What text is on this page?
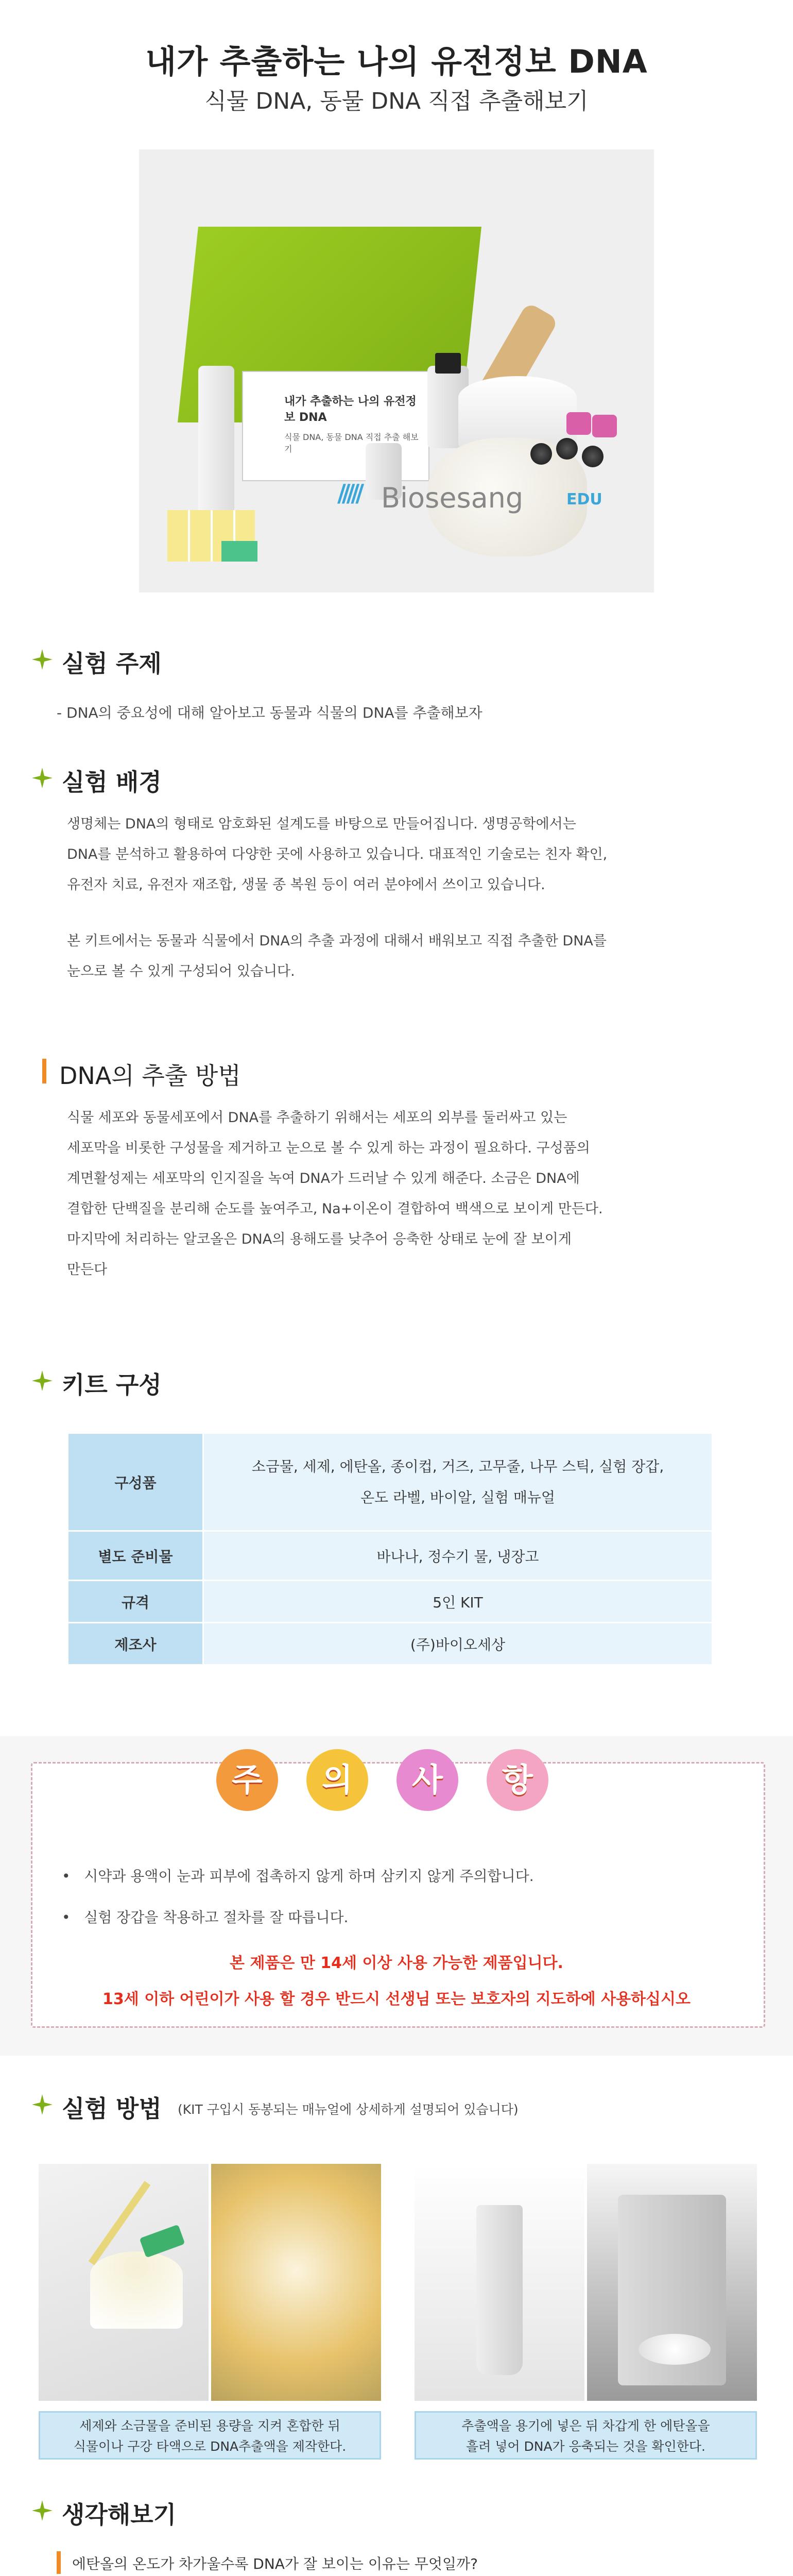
내가 추출하는 나의 유전정보 DNA
식물 DNA, 동물 DNA 직접 추출해보기
내가 추출하는 나의 유전정보 DNA
식물 DNA, 동물 DNA 직접 추출 해보기
///// Biosesang	EDU
실험 주제
- DNA의 중요성에 대해 알아보고 동물과 식물의 DNA를 추출해보자
실험 배경
생명체는 DNA의 형태로 암호화된 설계도를 바탕으로 만들어집니다. 생명공학에서는
DNA를 분석하고 활용하여 다양한 곳에 사용하고 있습니다. 대표적인 기술로는 친자 확인,
유전자 치료, 유전자 재조합, 생물 종 복원 등이 여러 분야에서 쓰이고 있습니다.
본 키트에서는 동물과 식물에서 DNA의 추출 과정에 대해서 배워보고 직접 추출한 DNA를
눈으로 볼 수 있게 구성되어 있습니다.
DNA의 추출 방법
식물 세포와 동물세포에서 DNA를 추출하기 위해서는 세포의 외부를 둘러싸고 있는
세포막을 비롯한 구성물을 제거하고 눈으로 볼 수 있게 하는 과정이 필요하다. 구성품의
계면활성제는 세포막의 인지질을 녹여 DNA가 드러날 수 있게 해준다. 소금은 DNA에
결합한 단백질을 분리해 순도를 높여주고, Na+이온이 결합하여 백색으로 보이게 만든다.
마지막에 처리하는 알코올은 DNA의 용해도를 낮추어 응축한 상태로 눈에 잘 보이게
만든다
키트 구성
구성품	소금물, 세제, 에탄올, 종이컵, 거즈, 고무줄, 나무 스틱, 실험 장갑,
온도 라벨, 바이알, 실험 매뉴얼

별도 준비물	바나나, 정수기 물, 냉장고
규격	5인 KIT
제조사	(주)바이오세상
주	의	사	항
•   시약과 용액이 눈과 피부에 접촉하지 않게 하며 삼키지 않게 주의합니다.
•   실험 장갑을 착용하고 절차를 잘 따릅니다.
본 제품은 만 14세 이상 사용 가능한 제품입니다.
13세 이하 어린이가 사용 할 경우 반드시 선생님 또는 보호자의 지도하에 사용하십시오
실험 방법 (KIT 구입시 동봉되는 매뉴얼에 상세하게 설명되어 있습니다)
세제와 소금물을 준비된 용량을 지켜 혼합한 뒤
식물이나 구강 타액으로 DNA추출액을 제작한다.
추출액을 용기에 넣은 뒤 차갑게 한 에탄올을
흘려 넣어 DNA가 응축되는 것을 확인한다.
생각해보기
에탄올의 온도가 차가울수록 DNA가 잘 보이는 이유는 무엇일까?
